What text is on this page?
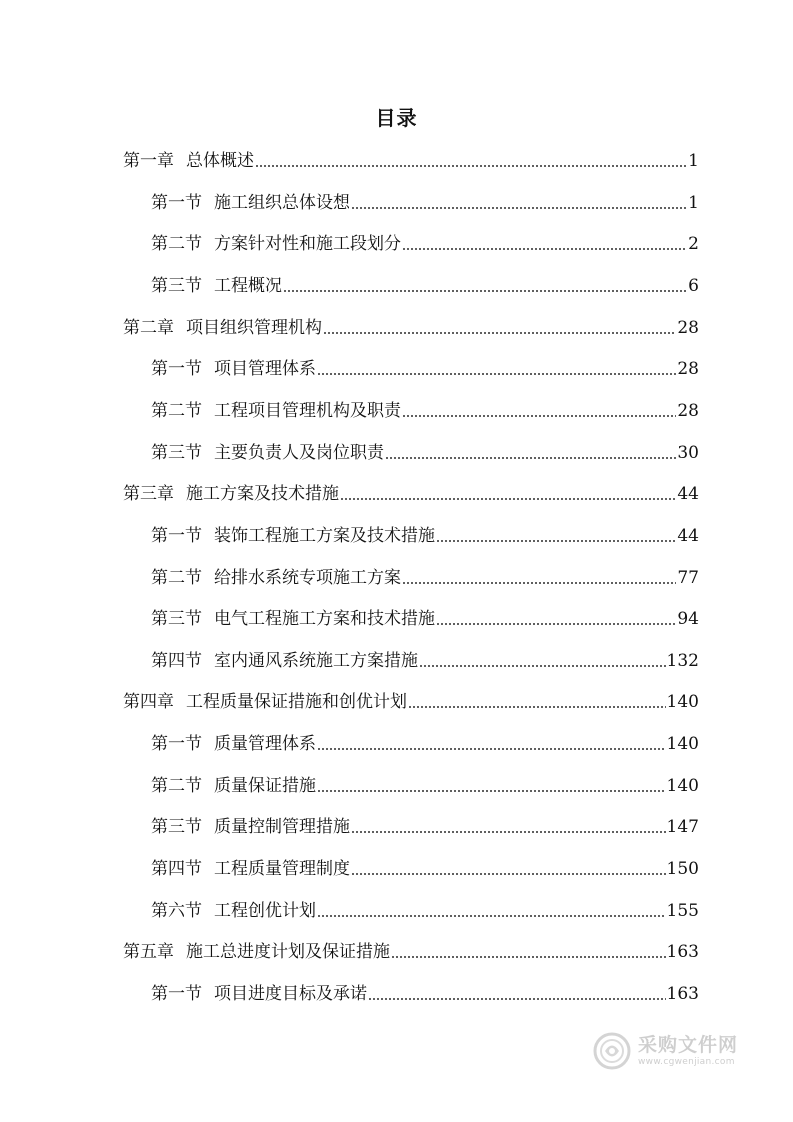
目录
第一章 总体概述	1
第一节 施工组织总体设想	1
第二节 方案针对性和施工段划分	2
第三节 工程概况	6
第二章 项目组织管理机构	28
第一节 项目管理体系	28
第二节 工程项目管理机构及职责	28
第三节 主要负责人及岗位职责	30
第三章 施工方案及技术措施	44
第一节 装饰工程施工方案及技术措施	44
第二节 给排水系统专项施工方案	77
第三节 电气工程施工方案和技术措施	94
第四节 室内通风系统施工方案措施	132
第四章 工程质量保证措施和创优计划	140
第一节 质量管理体系	140
第二节 质量保证措施	140
第三节 质量控制管理措施	147
第四节 工程质量管理制度	150
第六节 工程创优计划	155
第五章 施工总进度计划及保证措施	163
第一节 项目进度目标及承诺	163
采购文件网
www.cgwenjian.com
